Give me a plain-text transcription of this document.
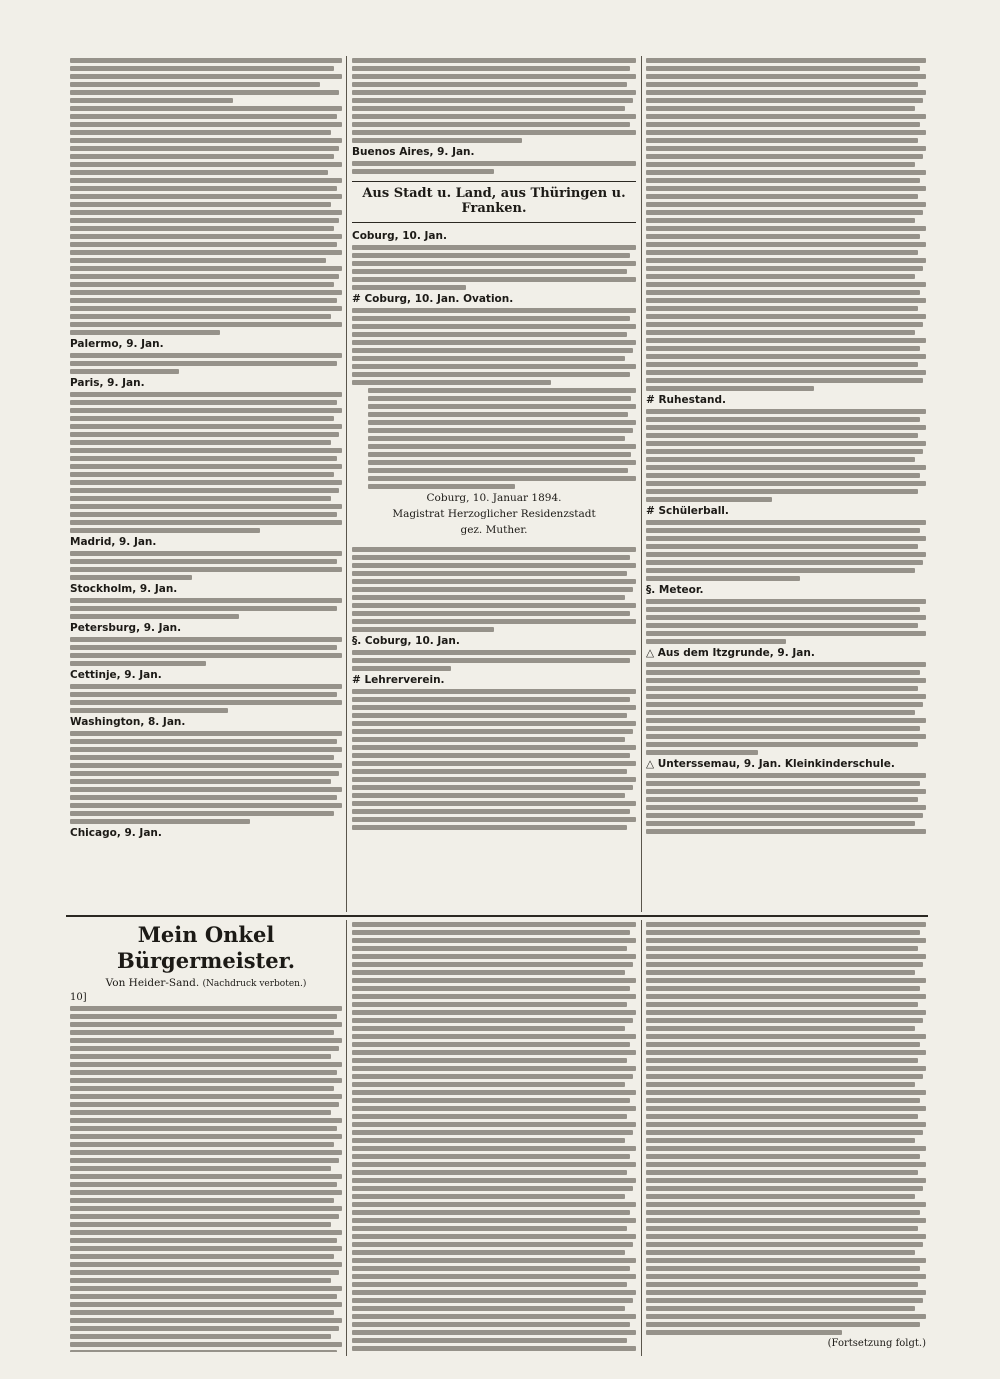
Palermo, 9. Jan.
Paris, 9. Jan.
Madrid, 9. Jan.
Stockholm, 9. Jan.
Petersburg, 9. Jan.
Cettinje, 9. Jan.
Washington, 8. Jan.
Chicago, 9. Jan.
Buenos Aires, 9. Jan.
Aus Stadt u. Land, aus Thüringen u. Franken.
Coburg, 10. Jan.
# Coburg, 10. Jan. Ovation.
Coburg, 10. Januar 1894.
Magistrat Herzoglicher Residenzstadt
gez. Muther.
§. Coburg, 10. Jan.
# Lehrerverein.
# Ruhestand.
# Schülerball.
§. Meteor.
△ Aus dem Itzgrunde, 9. Jan.
△ Unterssemau, 9. Jan. Kleinkinderschule.
Mein Onkel Bürgermeister.
Von Heider-Sand. (Nachdruck verboten.)
10]
(Fortsetzung folgt.)
